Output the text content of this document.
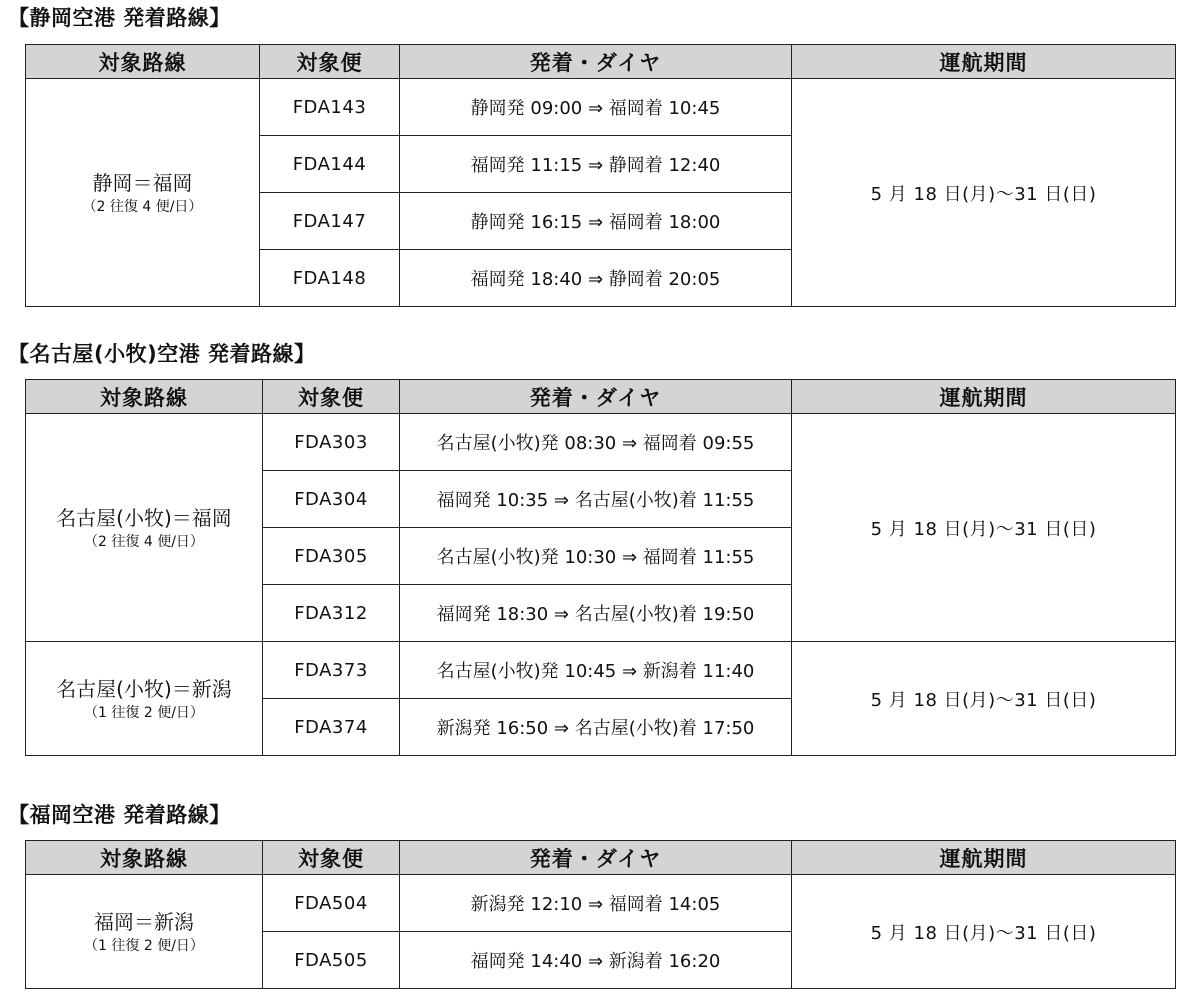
【静岡空港 発着路線】
対象路線	対象便	発着・ダイヤ	運航期間

静岡＝福岡
（2 往復 4 便/日）	FDA143	静岡発 09:00 ⇒ 福岡着 10:45	5 月 18 日(月)～31 日(日)
	FDA144	福岡発 11:15 ⇒ 静岡着 12:40	
	FDA147	静岡発 16:15 ⇒ 福岡着 18:00	
	FDA148	福岡発 18:40 ⇒ 静岡着 20:05	
【名古屋(小牧)空港 発着路線】
対象路線	対象便	発着・ダイヤ	運航期間

名古屋(小牧)＝福岡
（2 往復 4 便/日）	FDA303	名古屋(小牧)発 08:30 ⇒ 福岡着 09:55	5 月 18 日(月)～31 日(日)
	FDA304	福岡発 10:35 ⇒ 名古屋(小牧)着 11:55	
	FDA305	名古屋(小牧)発 10:30 ⇒ 福岡着 11:55	
	FDA312	福岡発 18:30 ⇒ 名古屋(小牧)着 19:50	

名古屋(小牧)＝新潟
（1 往復 2 便/日）	FDA373	名古屋(小牧)発 10:45 ⇒ 新潟着 11:40	5 月 18 日(月)～31 日(日)
	FDA374	新潟発 16:50 ⇒ 名古屋(小牧)着 17:50	
【福岡空港 発着路線】
対象路線	対象便	発着・ダイヤ	運航期間

福岡＝新潟
（1 往復 2 便/日）	FDA504	新潟発 12:10 ⇒ 福岡着 14:05	5 月 18 日(月)～31 日(日)
	FDA505	福岡発 14:40 ⇒ 新潟着 16:20	
